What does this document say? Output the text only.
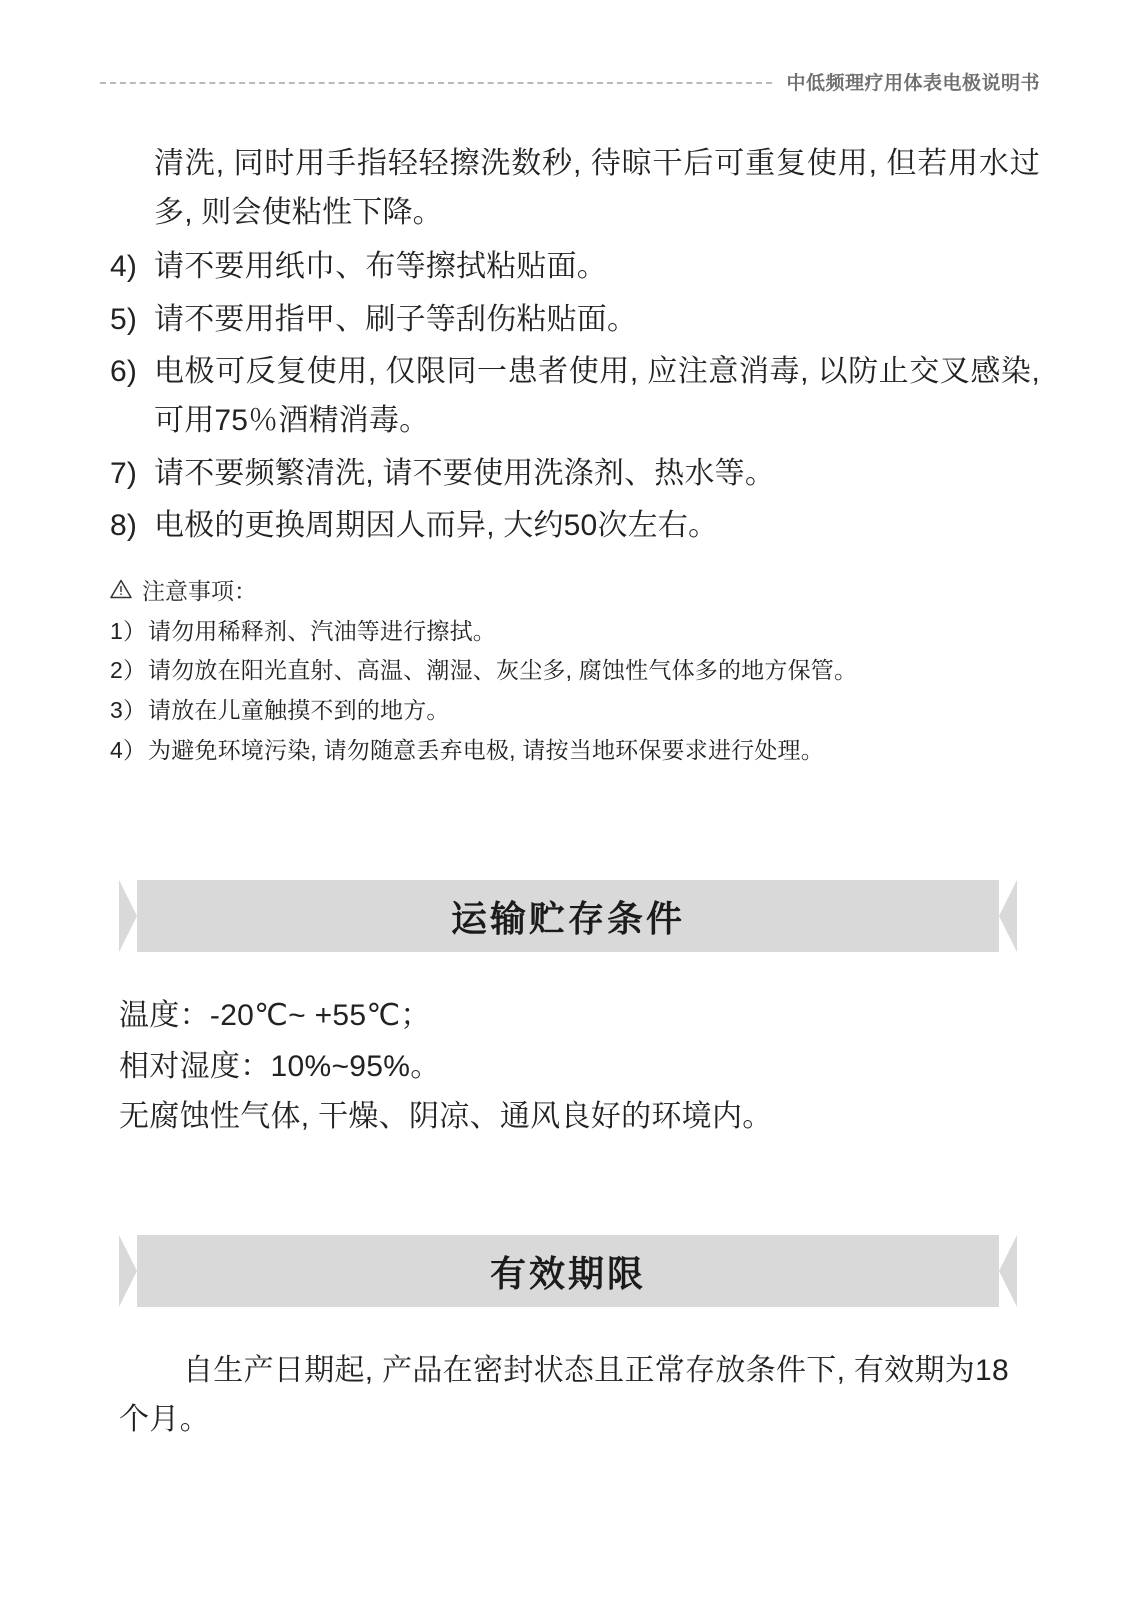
中低频理疗用体表电极说明书

清洗, 同时用手指轻轻擦洗数秒, 待晾干后可重复使用, 但若用水过多, 则会使粘性下降。

4) 请不要用纸巾、布等擦拭粘贴面。
5) 请不要用指甲、刷子等刮伤粘贴面。
6) 电极可反复使用, 仅限同一患者使用, 应注意消毒, 以防止交叉感染, 可用75％酒精消毒。
7) 请不要频繁清洗, 请不要使用洗涤剂、热水等。
8) 电极的更换周期因人而异, 大约50次左右。
注意事项：
1） 请勿用稀释剂、汽油等进行擦拭。
2） 请勿放在阳光直射、高温、潮湿、灰尘多, 腐蚀性气体多的地方保管。
3） 请放在儿童触摸不到的地方。
4） 为避免环境污染, 请勿随意丢弃电极, 请按当地环保要求进行处理。
运输贮存条件

温度：-20℃~ +55℃；

相对湿度：10%~95%。

无腐蚀性气体, 干燥、阴凉、通风良好的环境内。

有效期限

自生产日期起, 产品在密封状态且正常存放条件下, 有效期为18个月。
